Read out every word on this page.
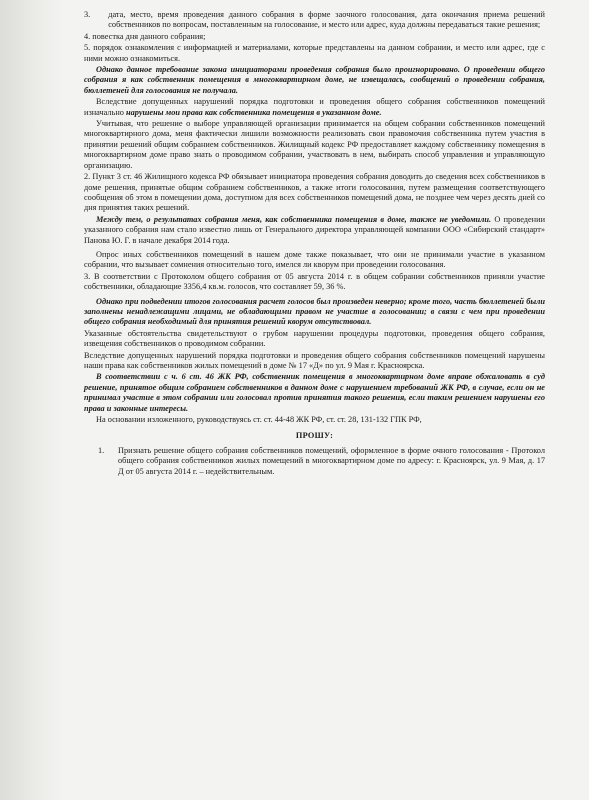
3. дата, место, время проведения данного собрания в форме заочного голосования, дата окончания приема решений собственников по вопросам, поставленным на голосование, и место или адрес, куда должны передаваться такие решения;

4. повестка дня данного собрания;

5. порядок ознакомления с информацией и материалами, которые представлены на данном собрании, и место или адрес, где с ними можно ознакомиться.

Однако данное требование закона инициаторами проведения собрания было проигнорировано. О проведении общего собрания я как собственник помещения в многоквартирном доме, не извещалась, сообщений о проведении собрания, бюллетеней для голосования не получала.

Вследствие допущенных нарушений порядка подготовки и проведения общего собрания собственников помещений изначально нарушены мои права как собственника помещения в указанном доме.

Учитывая, что решение о выборе управляющей организации принимается на общем собрании собственников помещений многоквартирного дома, меня фактически лишили возможности реализовать свои правомочия собственника путем участия в принятии решений общим собранием собственников. Жилищный кодекс РФ предоставляет каждому собственнику помещения в многоквартирном доме право знать о проводимом собрании, участвовать в нем, выбирать способ управления и управляющую организацию.

2. Пункт 3 ст. 46 Жилищного кодекса РФ обязывает инициатора проведения собрания доводить до сведения всех собственников в доме решения, принятые общим собранием собственников, а также итоги голосования, путем размещения соответствующего сообщения об этом в помещении дома, доступном для всех собственников помещений дома, не позднее чем через десять дней со дня принятия таких решений.

Между тем, о результатах собрания меня, как собственника помещения в доме, также не уведомили. О проведении указанного собрания нам стало известно лишь от Генерального директора управляющей компании ООО «Сибирский стандарт» Панова Ю. Г. в начале декабря 2014 года.

Опрос иных собственников помещений в нашем доме также показывает, что они не принимали участие в указанном собрании, что вызывает сомнения относительно того, имелся ли кворум при проведении голосования.

3. В соответствии с Протоколом общего собрания от 05 августа 2014 г. в общем собрании собственников приняли участие собственники, обладающие 3356,4 кв.м. голосов, что составляет 59, 36 %.

Однако при подведении итогов голосования расчет голосов был произведен неверно; кроме того, часть бюллетеней были заполнены ненадлежащими лицами, не обладающими правом не участие в голосовании; в связи с чем при проведении общего собрания необходимый для принятия решений кворум отсутствовал.

Указанные обстоятельства свидетельствуют о грубом нарушении процедуры подготовки, проведения общего собрания, извещения собственников о проводимом собрании.

Вследствие допущенных нарушений порядка подготовки и проведения общего собрания собственников помещений нарушены наши права как собственников жилых помещений в доме № 17 «Д» по ул. 9 Мая г. Красноярска.

В соответствии с ч. 6 ст. 46 ЖК РФ, собственник помещения в многоквартирном доме вправе обжаловать в суд решение, принятое общим собранием собственников в данном доме с нарушением требований ЖК РФ, в случае, если он не принимал участие в этом собрании или голосовал против принятия такого решения, если таким решением нарушены его права и законные интересы.

На основании изложенного, руководствуясь ст. ст. 44-48 ЖК РФ, ст. ст. 28, 131-132 ГПК РФ,

ПРОШУ:

1.	Признать решение общего собрания собственников помещений, оформленное в форме очного голосования - Протокол общего собрания собственников жилых помещений в многоквартирном доме по адресу: г. Красноярск, ул. 9 Мая, д. 17 Д от 05 августа 2014 г. – недействительным.
